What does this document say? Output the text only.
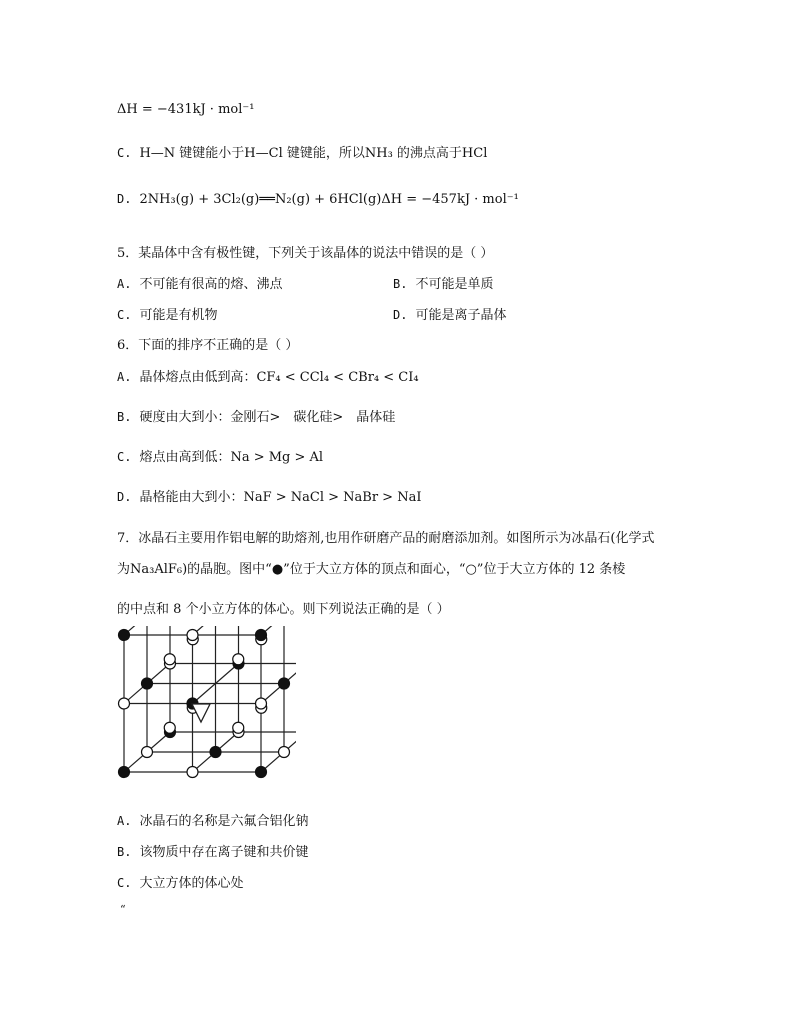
ΔH = −431kJ · mol⁻¹
C. H—N 键键能小于H—Cl 键键能，所以NH₃ 的沸点高于HCl
D. 2NH₃(g) + 3Cl₂(g)══N₂(g) + 6HCl(g)ΔH = −457kJ · mol⁻¹
5．某晶体中含有极性键，下列关于该晶体的说法中错误的是（ ）
A. 不可能有很高的熔、沸点	B. 不可能是单质
C. 可能是有机物	D. 可能是离子晶体
6．下面的排序不正确的是（ ）
A. 晶体熔点由低到高：CF₄ < CCl₄ < CBr₄ < CI₄
B. 硬度由大到小：金刚石>　碳化硅>　晶体硅
C. 熔点由高到低：Na > Mg > Al
D. 晶格能由大到小：NaF > NaCl > NaBr > NaI
7．冰晶石主要用作铝电解的助熔剂,也用作研磨产品的耐磨添加剂。如图所示为冰晶石(化学式
为Na₃AlF₆)的晶胞。图中“●”位于大立方体的顶点和面心，“○”位于大立方体的 12 条棱
的中点和 8 个小立方体的体心。则下列说法正确的是（ ）
A. 冰晶石的名称是六氟合铝化钠
B. 该物质中存在离子键和共价键
C. 大立方体的体心处
“
